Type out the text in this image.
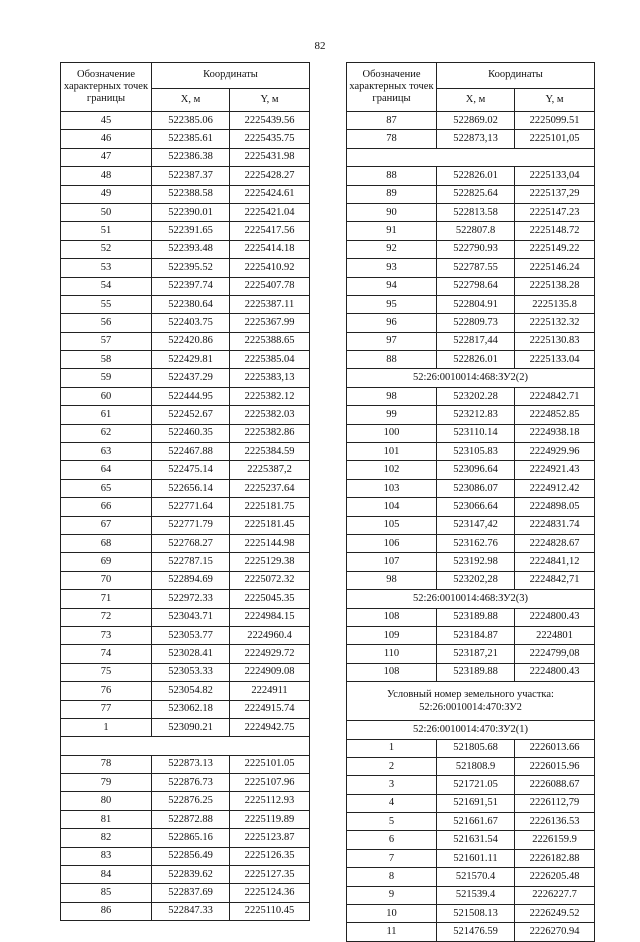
82
Обозначение характерных точек границы	Координаты	
	X, м	Y, м
45	522385.06	2225439.56
46	522385.61	2225435.75
47	522386.38	2225431.98
48	522387.37	2225428.27
49	522388.58	2225424.61
50	522390.01	2225421.04
51	522391.65	2225417.56
52	522393.48	2225414.18
53	522395.52	2225410.92
54	522397.74	2225407.78
55	522380.64	2225387.11
56	522403.75	2225367.99
57	522420.86	2225388.65
58	522429.81	2225385.04
59	522437.29	2225383,13
60	522444.95	2225382.12
61	522452.67	2225382.03
62	522460.35	2225382.86
63	522467.88	2225384.59
64	522475.14	2225387,2
65	522656.14	2225237.64
66	522771.64	2225181.75
67	522771.79	2225181.45
68	522768.27	2225144.98
69	522787.15	2225129.38
70	522894.69	2225072.32
71	522972.33	2225045.35
72	523043.71	2224984.15
73	523053.77	2224960.4
74	523028.41	2224929.72
75	523053.33	2224909.08
76	523054.82	2224911
77	523062.18	2224915.74
1	523090.21	2224942.75

78	522873.13	2225101.05
79	522876.73	2225107.96
80	522876.25	2225112.93
81	522872.88	2225119.89
82	522865.16	2225123.87
83	522856.49	2225126.35
84	522839.62	2225127.35
85	522837.69	2225124.36
86	522847.33	2225110.45
Обозначение характерных точек границы	Координаты	
	X, м	Y, м
87	522869.02	2225099.51
78	522873,13	2225101,05

88	522826.01	2225133,04
89	522825.64	2225137,29
90	522813.58	2225147.23
91	522807.8	2225148.72
92	522790.93	2225149.22
93	522787.55	2225146.24
94	522798.64	2225138.28
95	522804.91	2225135.8
96	522809.73	2225132.32
97	522817,44	2225130.83
88	522826.01	2225133.04
52:26:0010014:468:ЗУ2(2)		
98	523202.28	2224842.71
99	523212.83	2224852.85
100	523110.14	2224938.18
101	523105.83	2224929.96
102	523096.64	2224921.43
103	523086.07	2224912.42
104	523066.64	2224898.05
105	523147,42	2224831.74
106	523162.76	2224828.67
107	523192.98	2224841,12
98	523202,28	2224842,71
52:26:0010014:468:ЗУ2(3)		
108	523189.88	2224800.43
109	523184.87	2224801
110	523187,21	2224799,08
108	523189.88	2224800.43
Условный номер земельного участка: 52:26:0010014:470:ЗУ2		
52:26:0010014:470:ЗУ2(1)		
1	521805.68	2226013.66
2	521808.9	2226015.96
3	521721.05	2226088.67
4	521691,51	2226112,79
5	521661.67	2226136.53
6	521631.54	2226159.9
7	521601.11	2226182.88
8	521570.4	2226205.48
9	521539.4	2226227.7
10	521508.13	2226249.52
11	521476.59	2226270.94
